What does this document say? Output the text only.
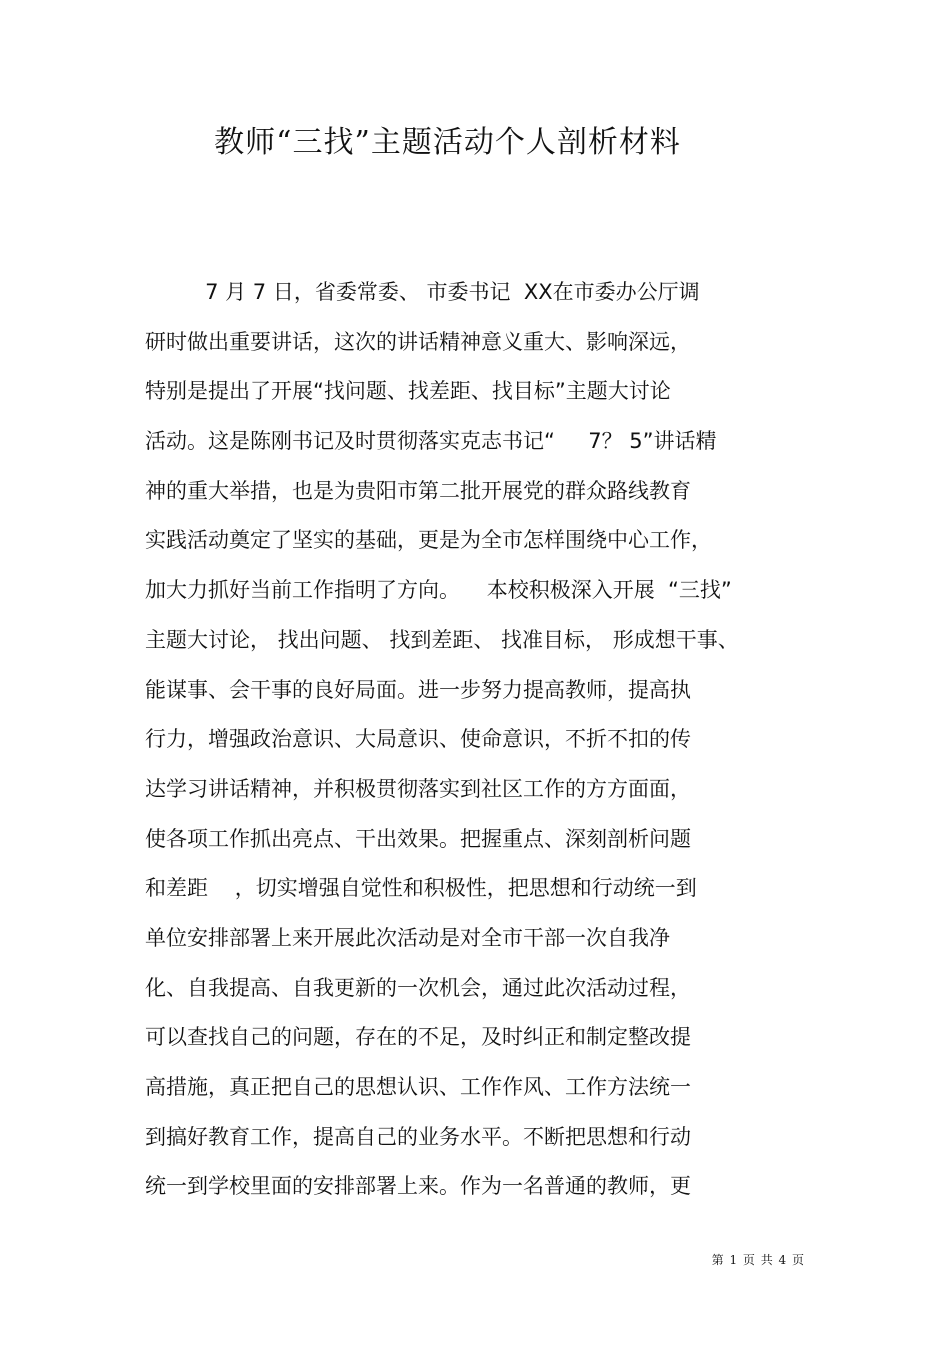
教师“三找”主题活动个人剖析材料
7 月 7 日，省委常委、 市委书记  XX在市委办公厅调
研时做出重要讲话，这次的讲话精神意义重大、影响深远，
特别是提出了开展“找问题、找差距、找目标”主题大讨论
活动。这是陈刚书记及时贯彻落实克志书记“     7？ 5”讲话精
神的重大举措，也是为贵阳市第二批开展党的群众路线教育
实践活动奠定了坚实的基础，更是为全市怎样围绕中心工作，
加大力抓好当前工作指明了方向。    本校积极深入开展  “三找”
主题大讨论， 找出问题、 找到差距、 找准目标， 形成想干事、
能谋事、会干事的良好局面。进一步努力提高教师，提高执
行力，增强政治意识、大局意识、使命意识，不折不扣的传
达学习讲话精神，并积极贯彻落实到社区工作的方方面面，
使各项工作抓出亮点、干出效果。把握重点、深刻剖析问题
和差距    ，切实增强自觉性和积极性，把思想和行动统一到
单位安排部署上来开展此次活动是对全市干部一次自我净
化、自我提高、自我更新的一次机会，通过此次活动过程，
可以查找自己的问题，存在的不足，及时纠正和制定整改提
高措施，真正把自己的思想认识、工作作风、工作方法统一
到搞好教育工作，提高自己的业务水平。不断把思想和行动
统一到学校里面的安排部署上来。作为一名普通的教师，更
第 1 页 共 4 页
